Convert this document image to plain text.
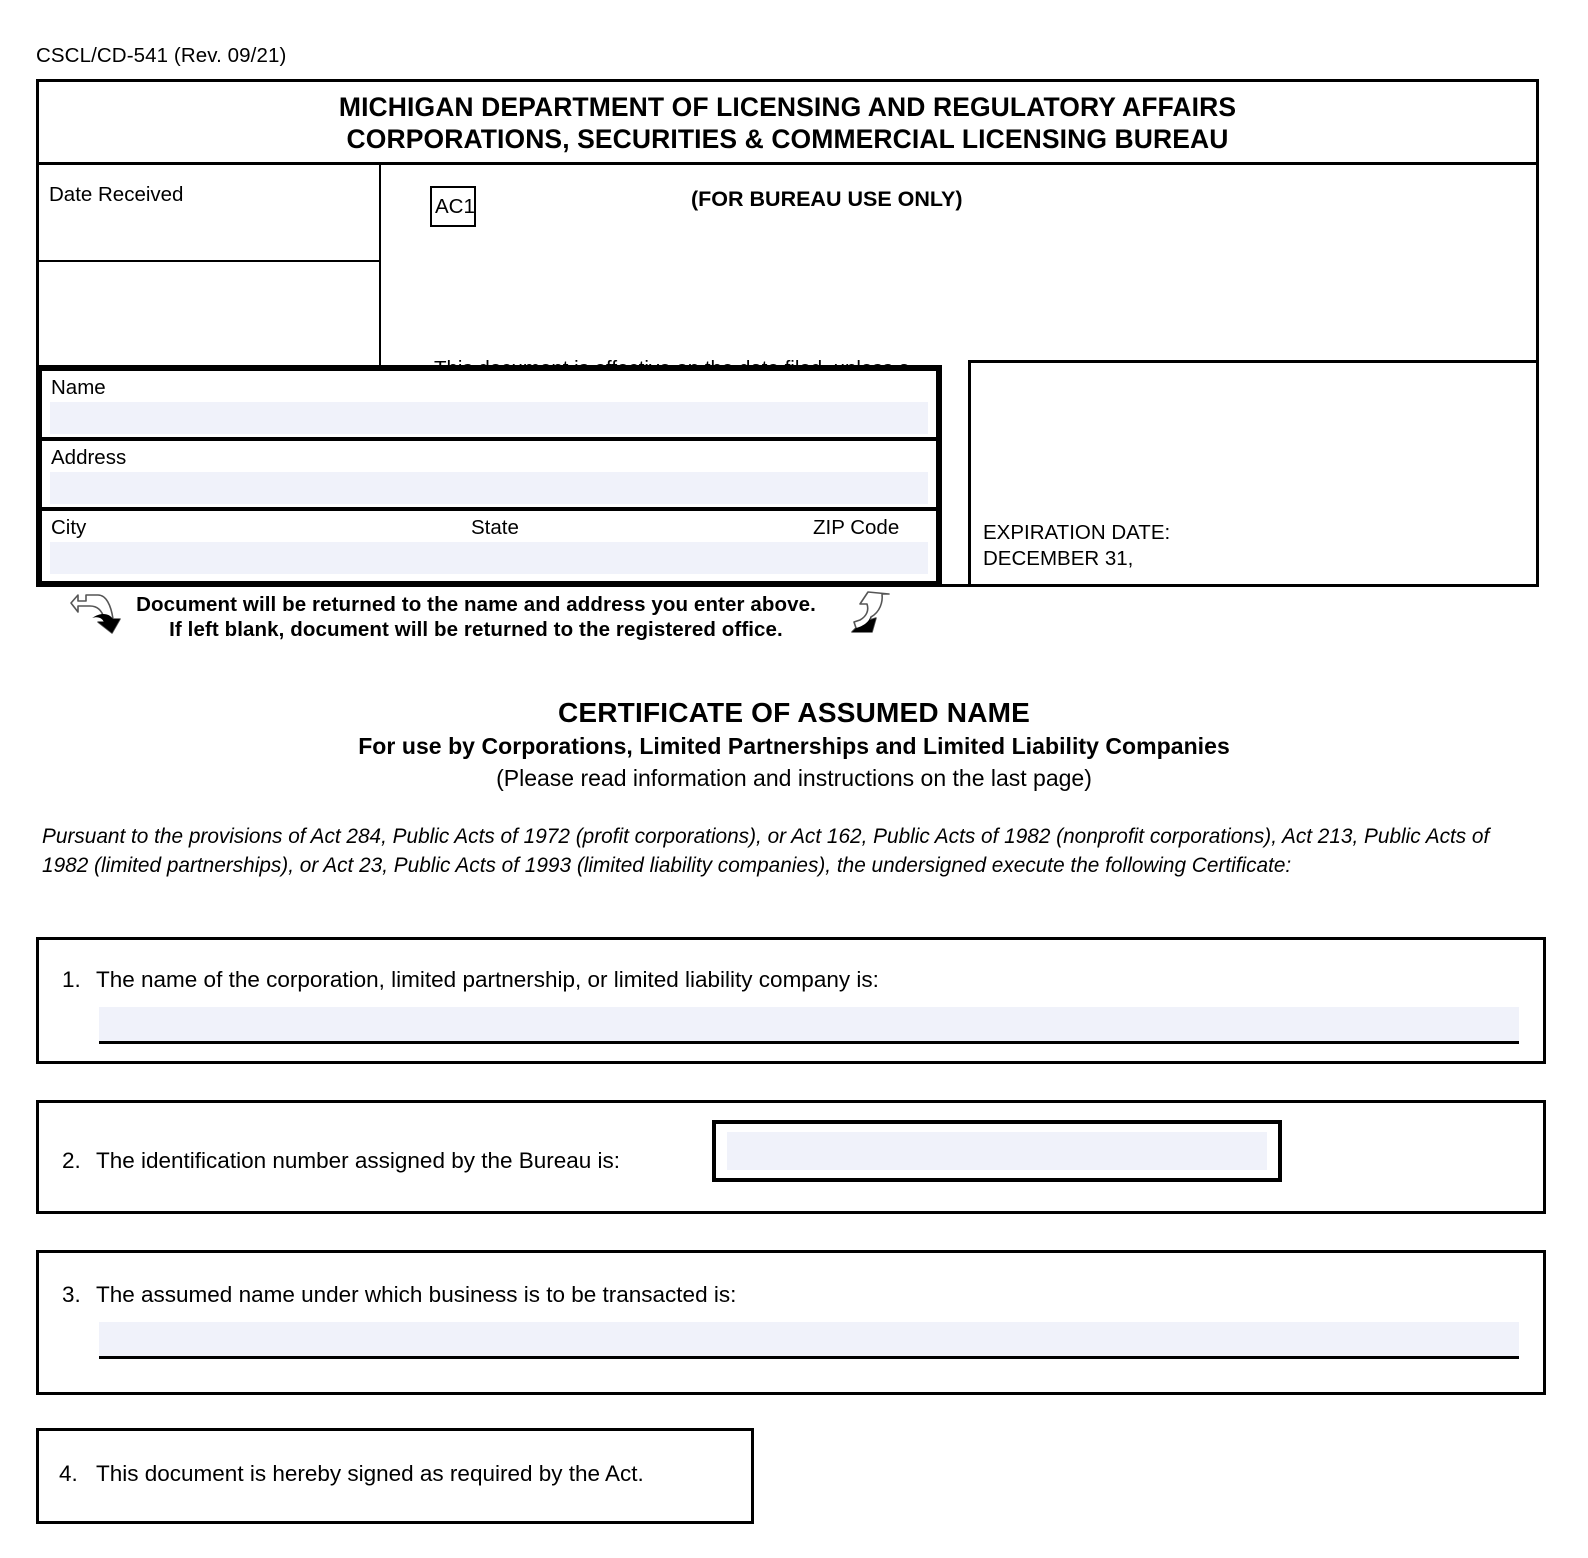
CSCL/CD-541 (Rev. 09/21)
MICHIGAN DEPARTMENT OF LICENSING AND REGULATORY AFFAIRS
CORPORATIONS, SECURITIES & COMMERCIAL LICENSING BUREAU
Date Received	AC1	(FOR BUREAU USE ONLY)
EXPIRATION DATE:
DECEMBER 31,
Name
Address
City	State	ZIP Code
Document will be returned to the name and address you enter above.
If left blank, document will be returned to the registered office.
CERTIFICATE OF ASSUMED NAME
For use by Corporations, Limited Partnerships and Limited Liability Companies
(Please read information and instructions on the last page)
Pursuant to the provisions of Act 284, Public Acts of 1972 (profit corporations), or Act 162, Public Acts of 1982 (nonprofit corporations), Act 213, Public Acts of 1982 (limited partnerships), or Act 23, Public Acts of 1993 (limited liability companies), the undersigned execute the following Certificate:
1. The name of the corporation, limited partnership, or limited liability company is:
2. The identification number assigned by the Bureau is:
3. The assumed name under which business is to be transacted is:
4. This document is hereby signed as required by the Act.
